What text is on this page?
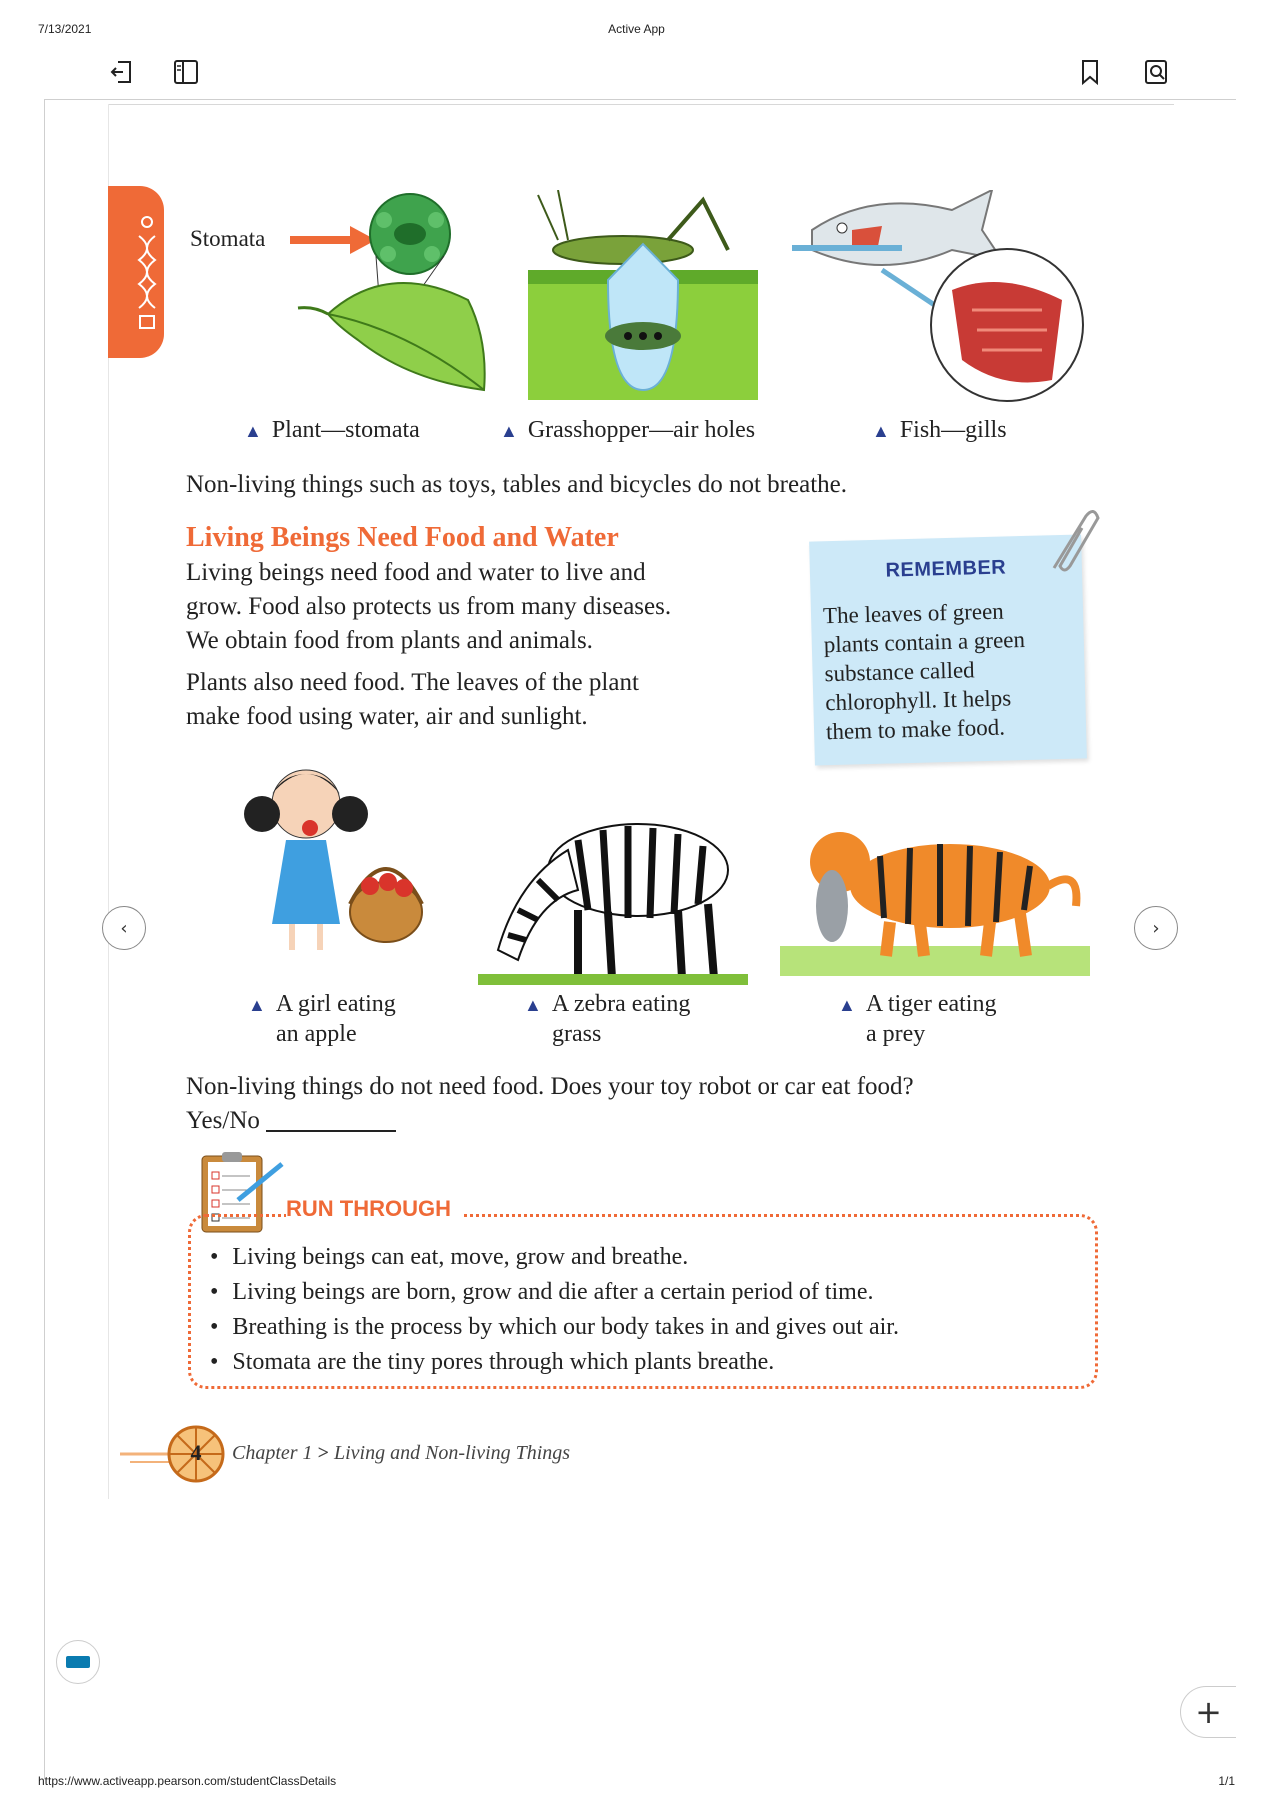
7/13/2021	Active App
Stomata
▲ Plant—stomata	▲ Grasshopper—air holes	▲ Fish—gills
Non-living things such as toys, tables and bicycles do not breathe.
Living Beings Need Food and Water
Living beings need food and water to live and
grow. Food also protects us from many diseases.
We obtain food from plants and animals.
Plants also need food. The leaves of the plant
make food using water, air and sunlight.
REMEMBER
The leaves of green
plants contain a green
substance called
chlorophyll. It helps
them to make food.
▲ A girl eating
an apple
▲ A zebra eating
grass
▲ A tiger eating
a prey
Non-living things do not need food. Does your toy robot or car eat food?
Yes/No
RUN THROUGH
• Living beings can eat, move, grow and breathe.
• Living beings are born, grow and die after a certain period of time.
• Breathing is the process by which our body takes in and gives out air.
• Stomata are the tiny pores through which plants breathe.
4 Chapter 1 > Living and Non-living Things
‹	›
+
https://www.activeapp.pearson.com/studentClassDetails	1/1
